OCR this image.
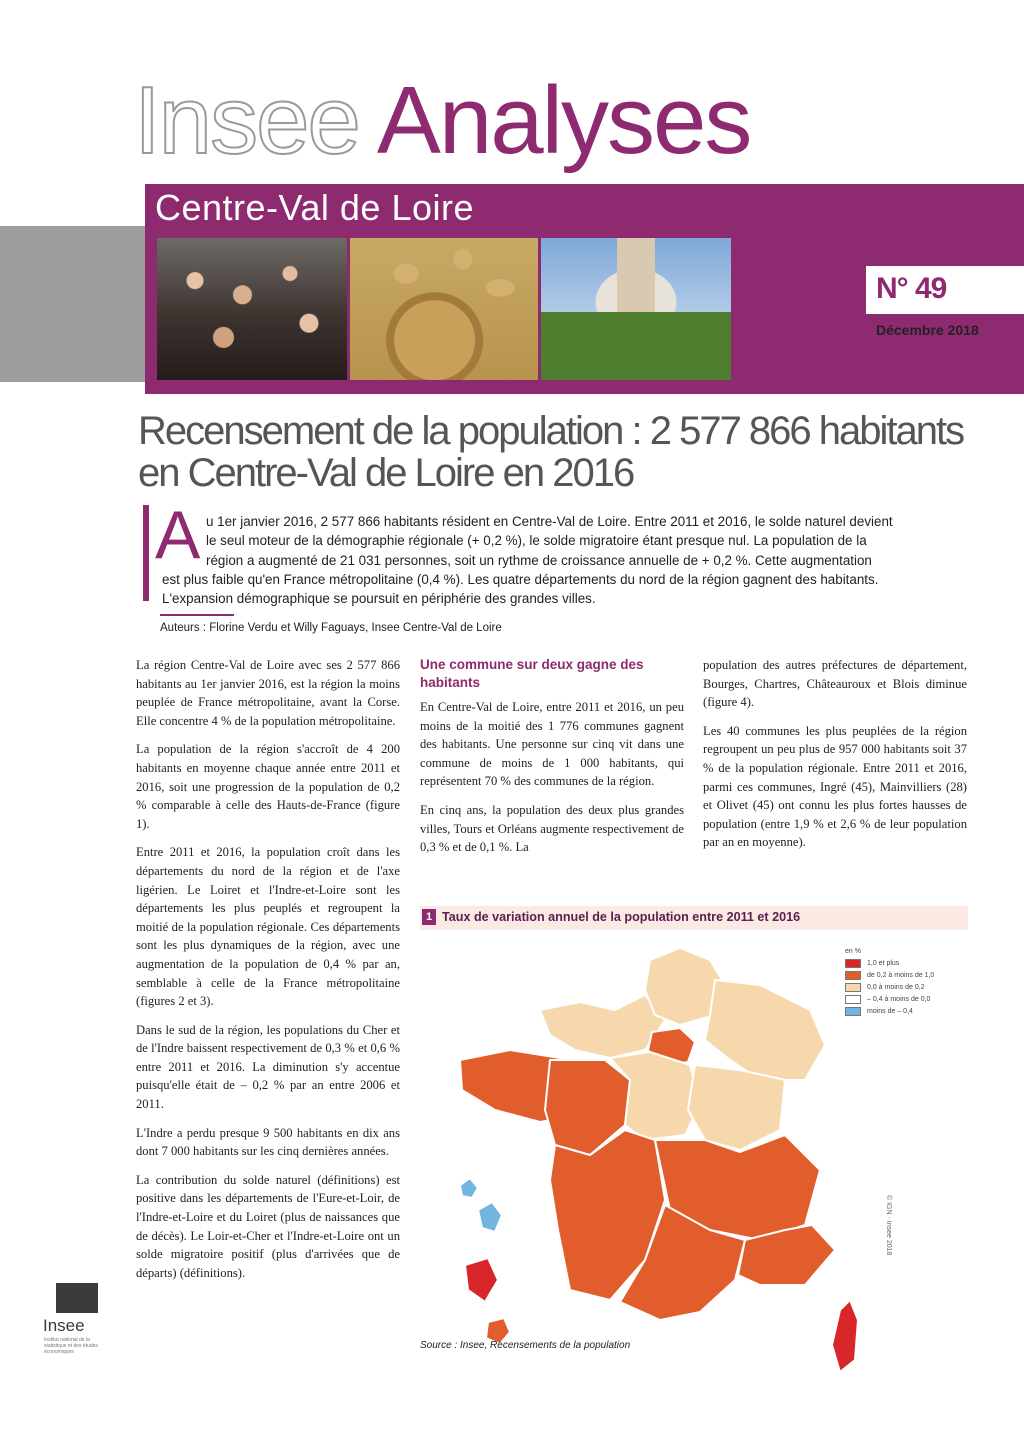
Insee Analyses
Centre-Val de Loire
N° 49
Décembre 2018
Recensement de la population : 2 577 866 habitants en Centre-Val de Loire en 2016
A u 1er janvier 2016, 2 577 866 habitants résident en Centre-Val de Loire. Entre 2011 et 2016, le solde naturel devient
le seul moteur de la démographie régionale (+ 0,2 %), le solde migratoire étant presque nul. La population de la
région a augmenté de 21 031 personnes, soit un rythme de croissance annuelle de + 0,2 %. Cette augmentation
est plus faible qu'en France métropolitaine (0,4 %). Les quatre départements du nord de la région gagnent des habitants.
L'expansion démographique se poursuit en périphérie des grandes villes.

Auteurs : Florine Verdu et Willy Faguays, Insee Centre-Val de Loire

La région Centre-Val de Loire avec ses 2 577 866 habitants au 1er janvier 2016, est la région la moins peuplée de France métropolitaine, avant la Corse. Elle concentre 4 % de la population métropolitaine.

La population de la région s'accroît de 4 200 habitants en moyenne chaque année entre 2011 et 2016, soit une progression de la population de 0,2 % comparable à celle des Hauts-de-France (figure 1).

Entre 2011 et 2016, la population croît dans les départements du nord de la région et de l'axe ligérien. Le Loiret et l'Indre-et-Loire sont les départements les plus peuplés et regroupent la moitié de la population régionale. Ces départements sont les plus dynamiques de la région, avec une augmentation de la population de 0,4 % par an, semblable à celle de la France métropolitaine (figures 2 et 3).

Dans le sud de la région, les populations du Cher et de l'Indre baissent respectivement de 0,3 % et 0,6 % entre 2011 et 2016. La diminution s'y accentue puisqu'elle était de – 0,2 % par an entre 2006 et 2011.

L'Indre a perdu presque 9 500 habitants en dix ans dont 7 000 habitants sur les cinq dernières années.

La contribution du solde naturel (définitions) est positive dans les départements de l'Eure-et-Loir, de l'Indre-et-Loire et du Loiret (plus de naissances que de décès). Le Loir-et-Cher et l'Indre-et-Loire ont un solde migratoire positif (plus d'arrivées que de départs) (définitions).

Une commune sur deux gagne des habitants

En Centre-Val de Loire, entre 2011 et 2016, un peu moins de la moitié des 1 776 communes gagnent des habitants. Une personne sur cinq vit dans une commune de moins de 1 000 habitants, qui représentent 70 % des communes de la région.

En cinq ans, la population des deux plus grandes villes, Tours et Orléans augmente respectivement de 0,3 % et de 0,1 %. La

population des autres préfectures de département, Bourges, Chartres, Châteauroux et Blois diminue (figure 4).

Les 40 communes les plus peuplées de la région regroupent un peu plus de 957 000 habitants soit 37 % de la population régionale. Entre 2011 et 2016, parmi ces communes, Ingré (45), Mainvilliers (28) et Olivet (45) ont connu les plus fortes hausses de population (entre 1,9 % et 2,6 % de leur population par an en moyenne).

1 Taux de variation annuel de la population entre 2011 et 2016
en %
1,0 et plus
de 0,2 à moins de 1,0
0,0 à moins de 0,2
– 0,4 à moins de 0,0
moins de – 0,4
© IGN - Insee 2018
Source : Insee, Recensements de la population
Insee
Institut national de la statistique et des études économiques
